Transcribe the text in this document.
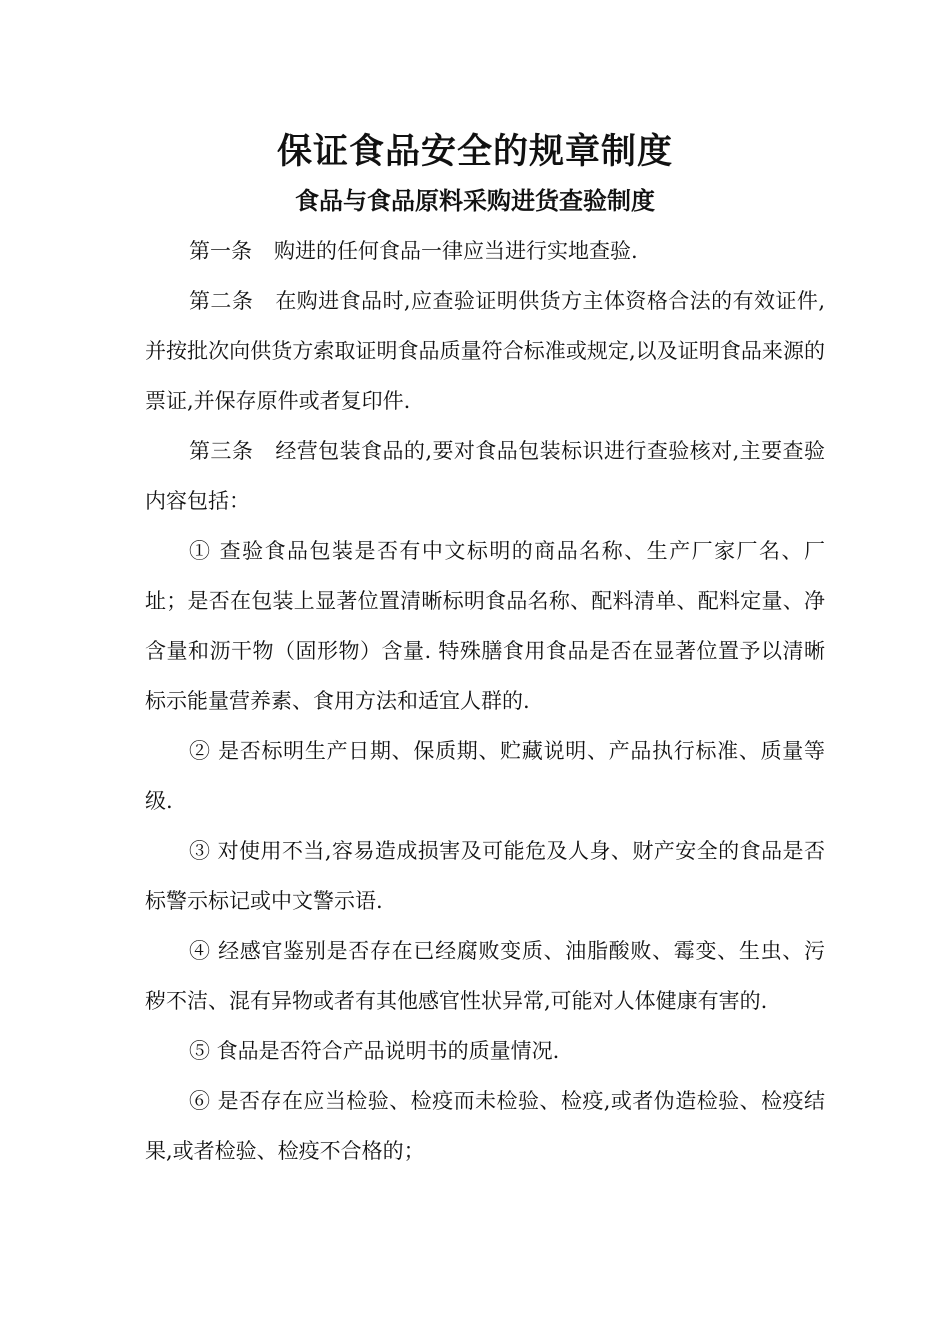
保证食品安全的规章制度
食品与食品原料采购进货查验制度

第一条 购进的任何食品一律应当进行实地查验.

第二条 在购进食品时,应查验证明供货方主体资格合法的有效证件,并按批次向供货方索取证明食品质量符合标准或规定,以及证明食品来源的票证,并保存原件或者复印件.

第三条 经营包装食品的,要对食品包装标识进行查验核对,主要查验内容包括：

① 查验食品包装是否有中文标明的商品名称、生产厂家厂名、厂址；是否在包装上显著位置清晰标明食品名称、配料清单、配料定量、净含量和沥干物（固形物）含量. 特殊膳食用食品是否在显著位置予以清晰标示能量营养素、食用方法和适宜人群的.

② 是否标明生产日期、保质期、贮藏说明、产品执行标准、质量等级.

③ 对使用不当,容易造成损害及可能危及人身、财产安全的食品是否标警示标记或中文警示语.

④ 经感官鉴别是否存在已经腐败变质、油脂酸败、霉变、生虫、污秽不洁、混有异物或者有其他感官性状异常,可能对人体健康有害的.

⑤ 食品是否符合产品说明书的质量情况.

⑥ 是否存在应当检验、检疫而未检验、检疫,或者伪造检验、检疫结果,或者检验、检疫不合格的；
